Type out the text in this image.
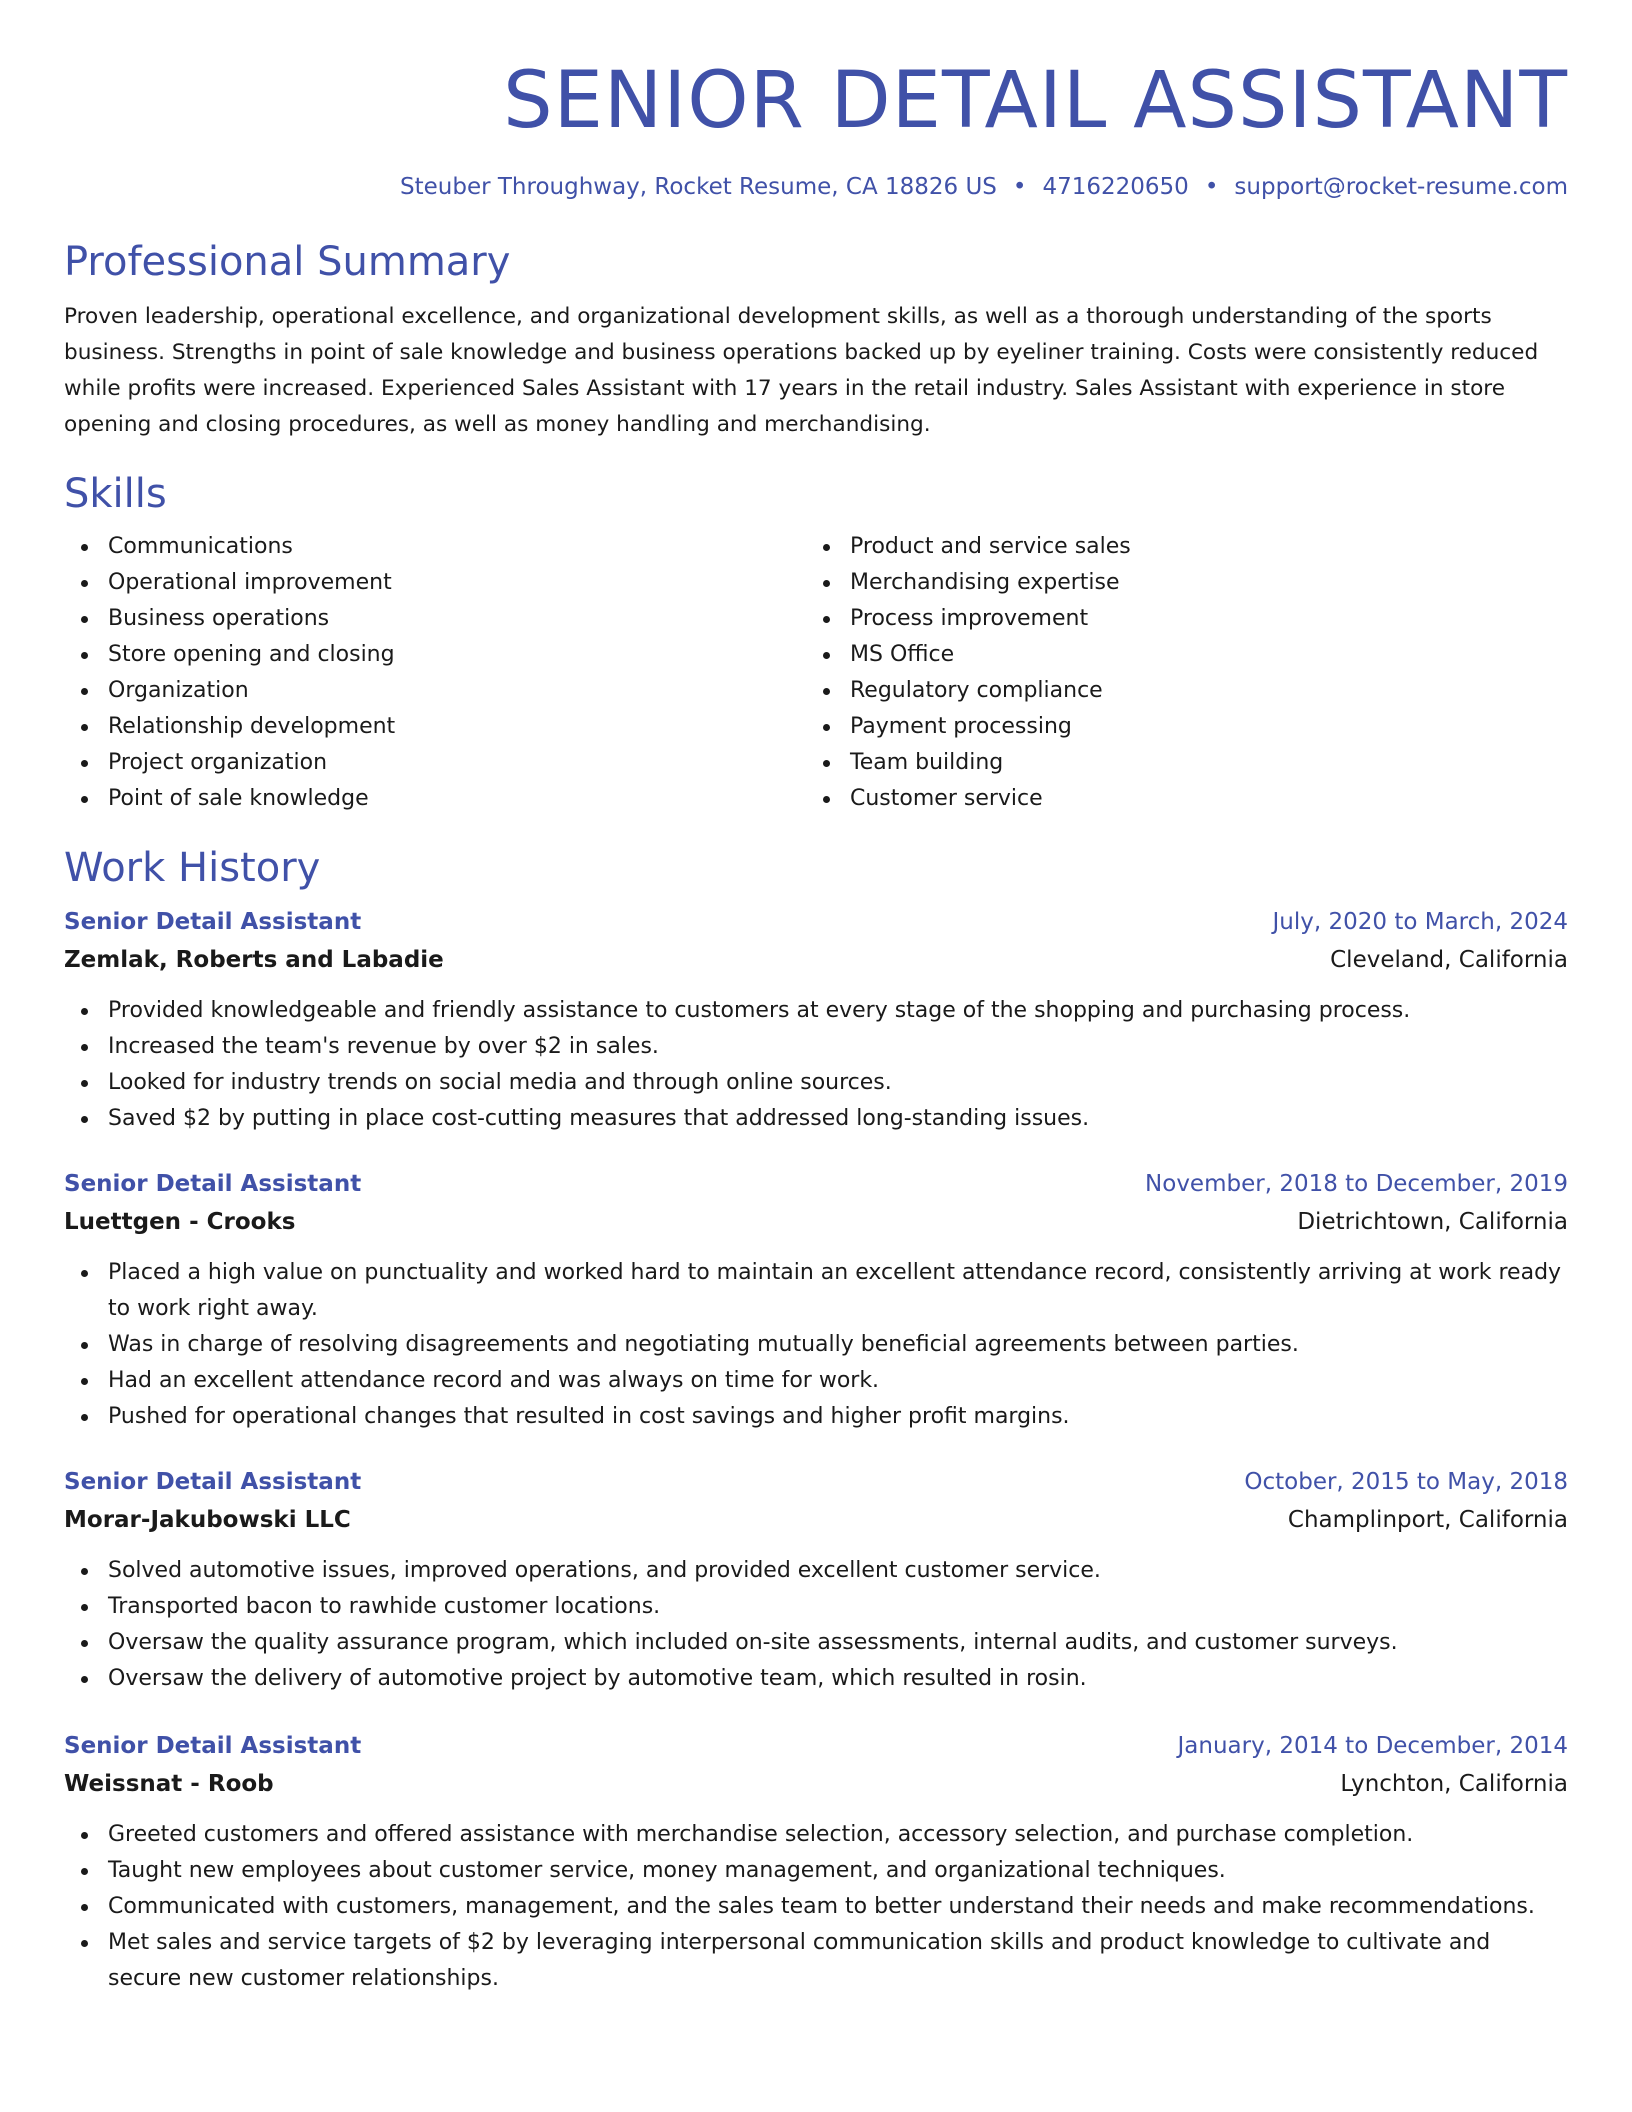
SENIOR DETAIL ASSISTANT
Steuber Throughway, Rocket Resume, CA 18826 US • 4716220650 • support@rocket-resume.com
Professional Summary
Proven leadership, operational excellence, and organizational development skills, as well as a thorough understanding of the sports business. Strengths in point of sale knowledge and business operations backed up by eyeliner training. Costs were consistently reduced while profits were increased. Experienced Sales Assistant with 17 years in the retail industry. Sales Assistant with experience in store opening and closing procedures, as well as money handling and merchandising.
Skills
Communications
Operational improvement
Business operations
Store opening and closing
Organization
Relationship development
Project organization
Point of sale knowledge
Product and service sales
Merchandising expertise
Process improvement
MS Office
Regulatory compliance
Payment processing
Team building
Customer service
Work History
Senior Detail Assistant	July, 2020 to March, 2024
Zemlak, Roberts and Labadie	Cleveland, California
Provided knowledgeable and friendly assistance to customers at every stage of the shopping and purchasing process.
Increased the team's revenue by over $2 in sales.
Looked for industry trends on social media and through online sources.
Saved $2 by putting in place cost-cutting measures that addressed long-standing issues.
Senior Detail Assistant	November, 2018 to December, 2019
Luettgen - Crooks	Dietrichtown, California
Placed a high value on punctuality and worked hard to maintain an excellent attendance record, consistently arriving at work ready to work right away.
Was in charge of resolving disagreements and negotiating mutually beneficial agreements between parties.
Had an excellent attendance record and was always on time for work.
Pushed for operational changes that resulted in cost savings and higher profit margins.
Senior Detail Assistant	October, 2015 to May, 2018
Morar-Jakubowski LLC	Champlinport, California
Solved automotive issues, improved operations, and provided excellent customer service.
Transported bacon to rawhide customer locations.
Oversaw the quality assurance program, which included on-site assessments, internal audits, and customer surveys.
Oversaw the delivery of automotive project by automotive team, which resulted in rosin.
Senior Detail Assistant	January, 2014 to December, 2014
Weissnat - Roob	Lynchton, California
Greeted customers and offered assistance with merchandise selection, accessory selection, and purchase completion.
Taught new employees about customer service, money management, and organizational techniques.
Communicated with customers, management, and the sales team to better understand their needs and make recommendations.
Met sales and service targets of $2 by leveraging interpersonal communication skills and product knowledge to cultivate and secure new customer relationships.
